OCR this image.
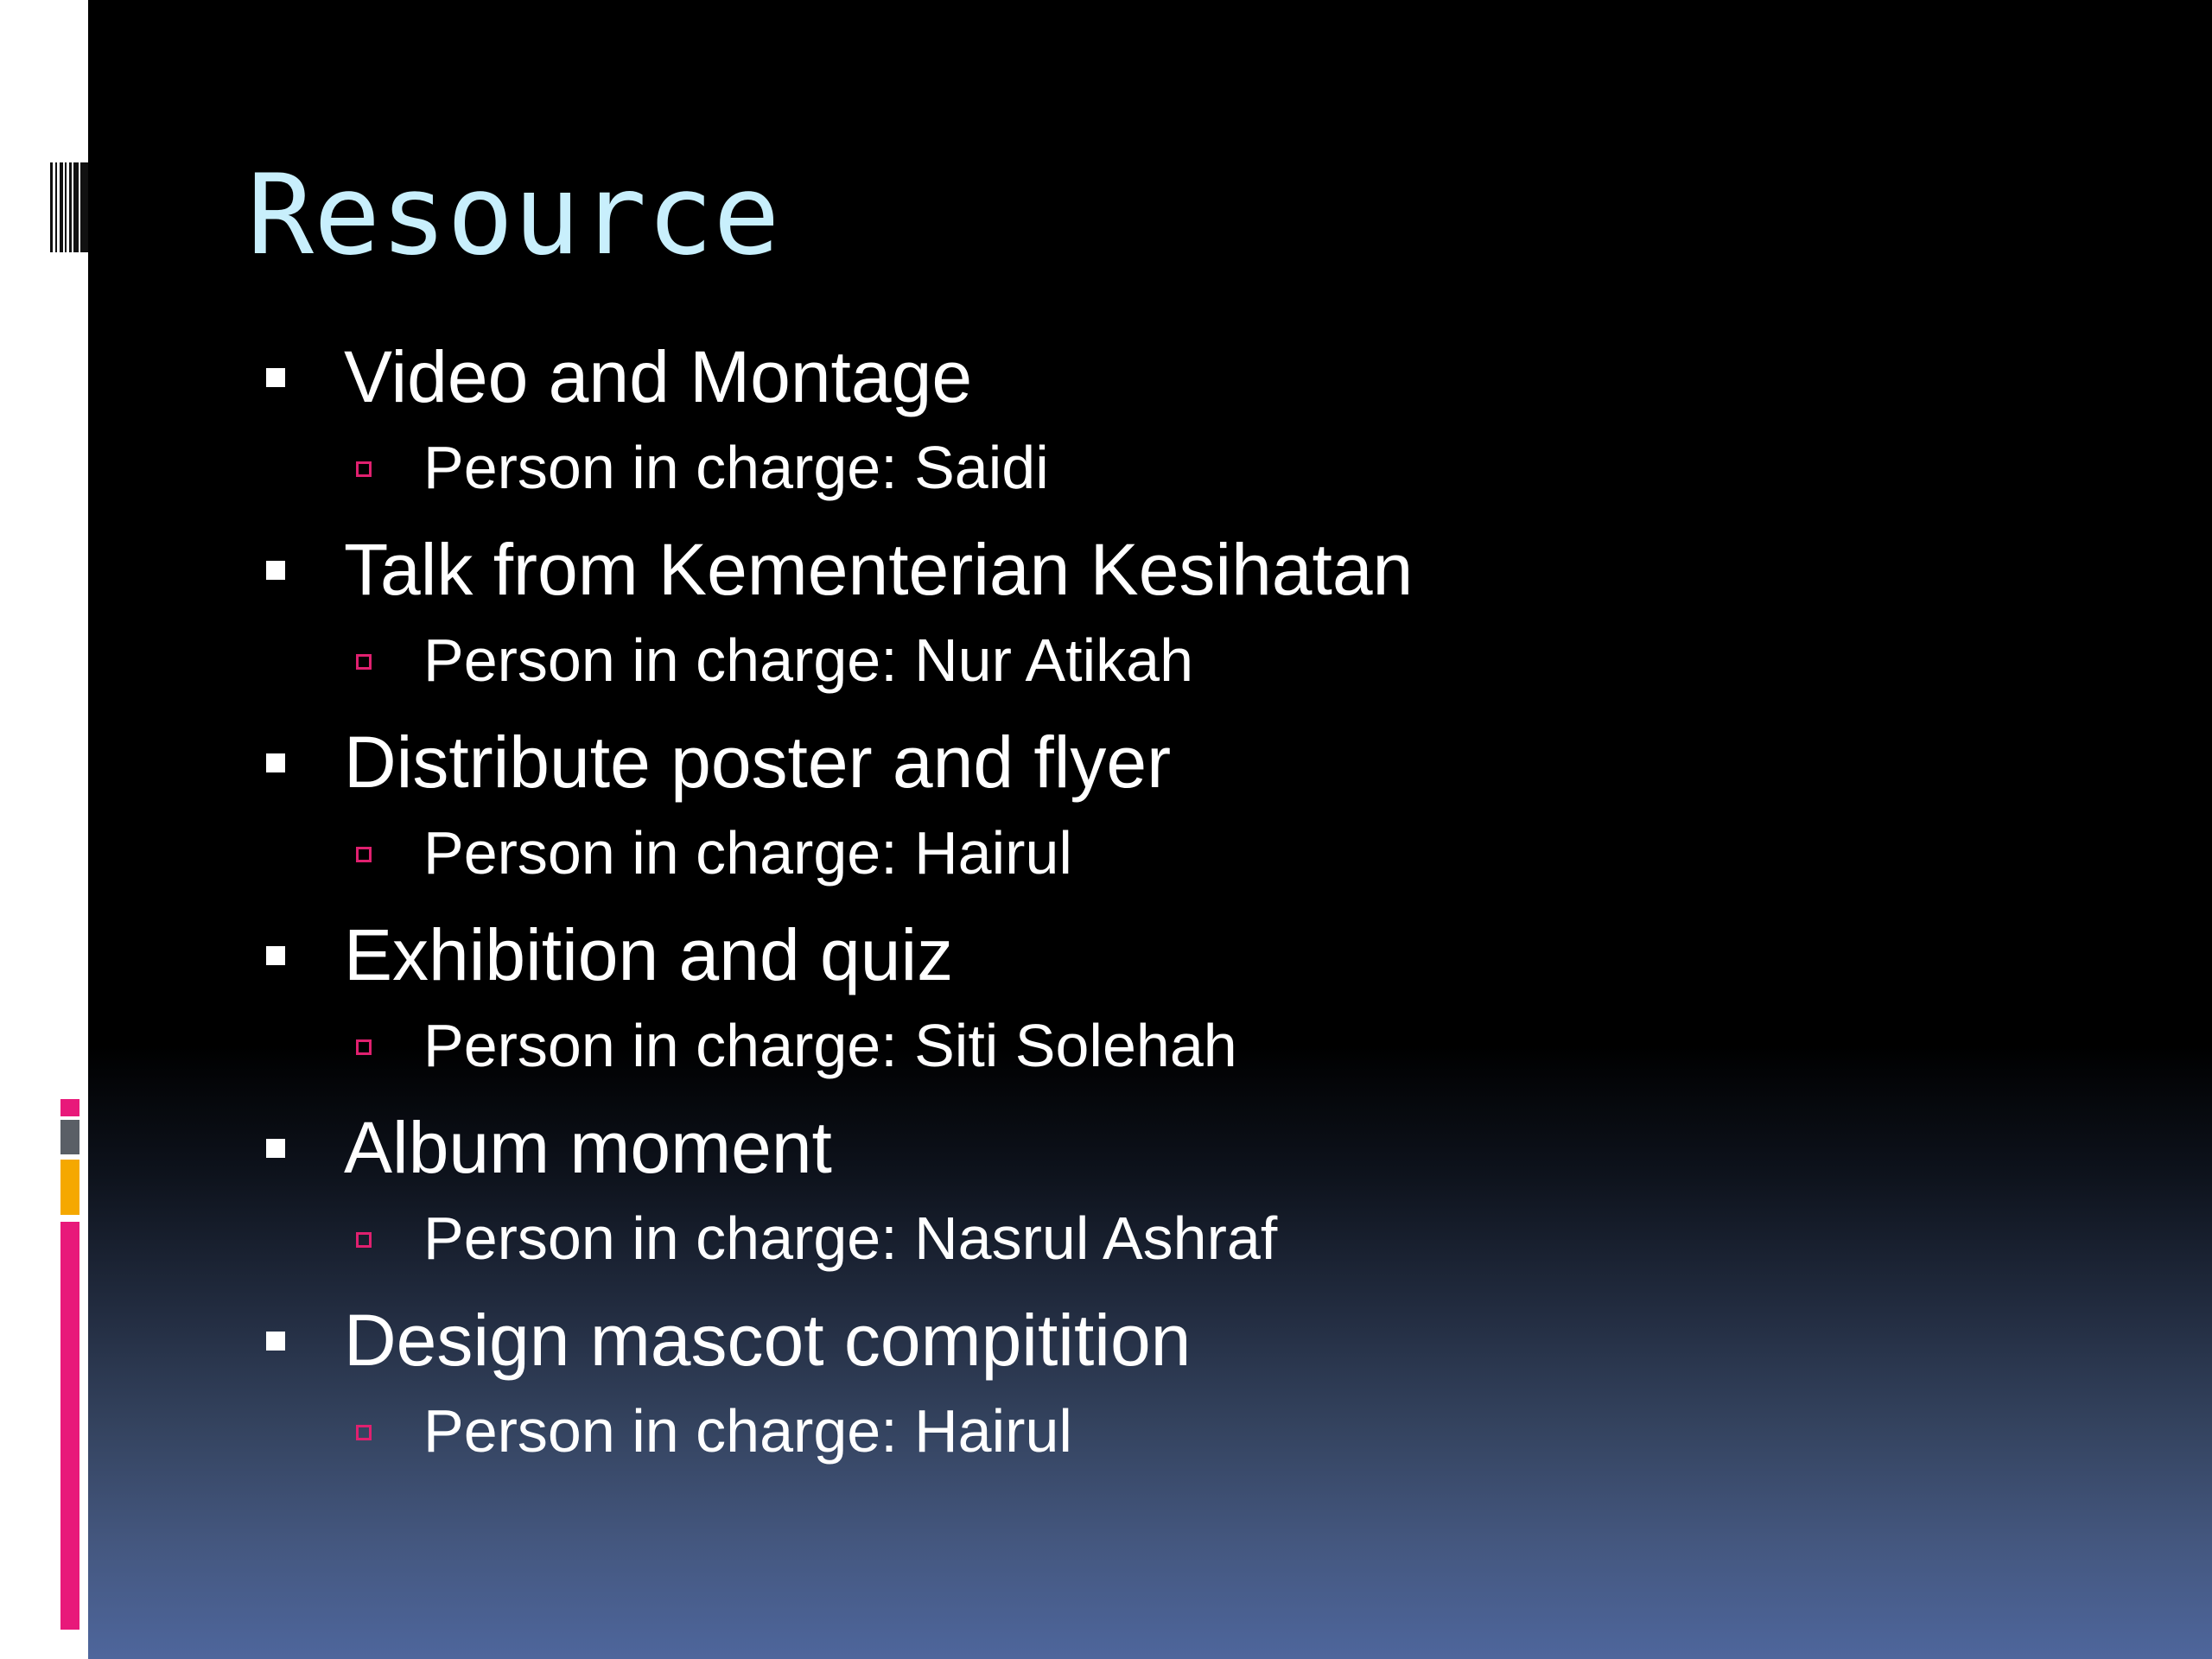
Resource
Video and Montage
Person in charge: Saidi
Talk from Kementerian Kesihatan
Person in charge: Nur Atikah
Distribute poster and flyer
Person in charge: Hairul
Exhibition and quiz
Person in charge: Siti Solehah
Album moment
Person in charge: Nasrul Ashraf
Design mascot compitition
Person in charge: Hairul
